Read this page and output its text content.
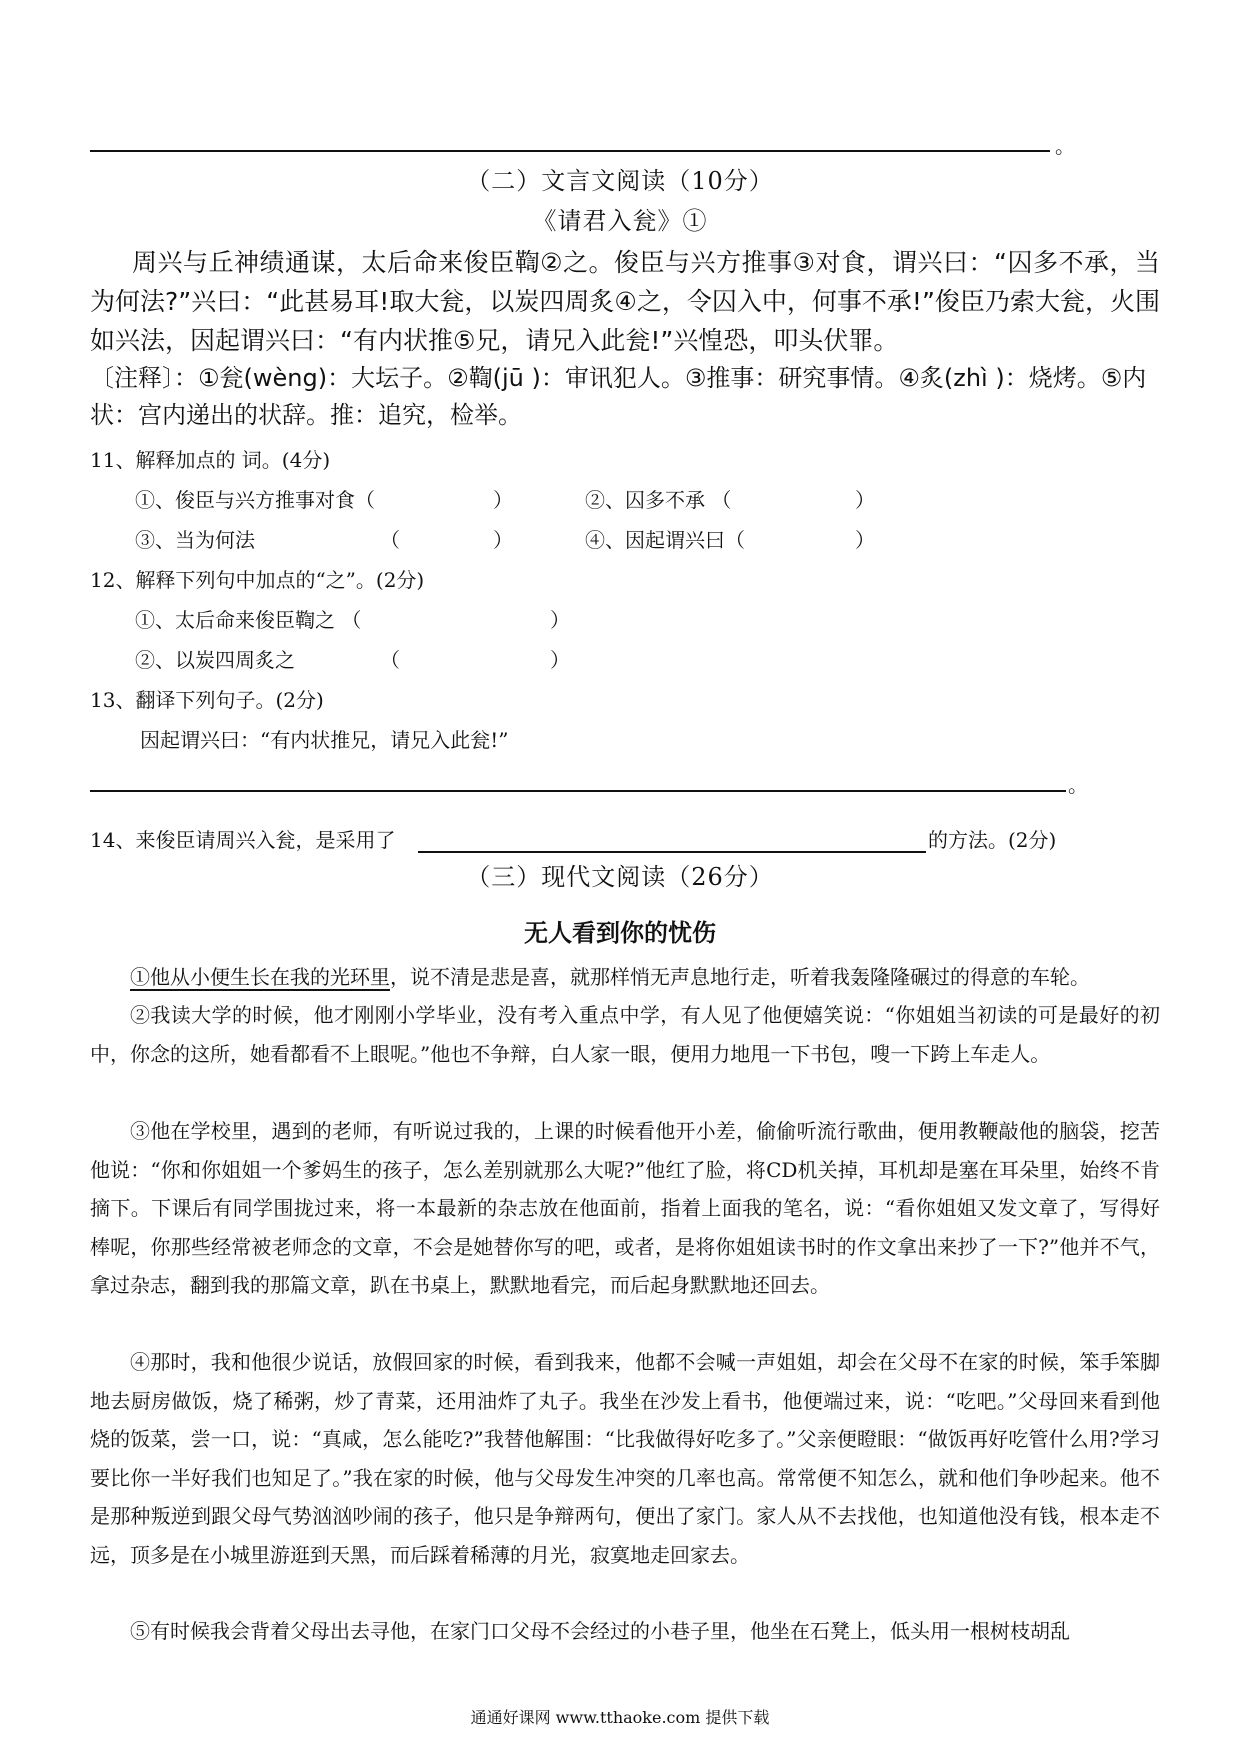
。
（二）文言文阅读（10分）
《请君入瓮》①
周兴与丘神绩通谋，太后命来俊臣鞫②之。俊臣与兴方推事③对食，谓兴曰：“囚多不承，当为何法?”兴曰：“此甚易耳!取大瓮，以炭四周炙④之，令囚入中，何事不承!”俊臣乃索大瓮，火围如兴法，因起谓兴曰：“有内状推⑤兄，请兄入此瓮!”兴惶恐，叩头伏罪。
〔注释〕：①瓮(wèng)：大坛子。②鞫(jū )：审讯犯人。③推事：研究事情。④炙(zhì )：烧烤。⑤内状：宫内递出的状辞。推：追究，检举。
11、解释加点的 词。(4分)
①、俊臣与兴方推事对食（	）	②、囚多不承 （	）
③、当为何法	（	）	④、因起谓兴曰（	）
12、解释下列句中加点的“之”。(2分)
①、太后命来俊臣鞫之 （	）
②、以炭四周炙之	（	）
13、翻译下列句子。(2分)
因起谓兴曰：“有内状推兄，请兄入此瓮!”
。
14、来俊臣请周兴入瓮，是采用了	的方法。(2分)
（三）现代文阅读（26分）
无人看到你的忧伤
①他从小便生长在我的光环里，说不清是悲是喜，就那样悄无声息地行走，听着我轰隆隆碾过的得意的车轮。
②我读大学的时候，他才刚刚小学毕业，没有考入重点中学，有人见了他便嬉笑说：“你姐姐当初读的可是最好的初中，你念的这所，她看都看不上眼呢。”他也不争辩，白人家一眼，便用力地甩一下书包，嗖一下跨上车走人。
③他在学校里，遇到的老师，有听说过我的，上课的时候看他开小差，偷偷听流行歌曲，便用教鞭敲他的脑袋，挖苦他说：“你和你姐姐一个爹妈生的孩子，怎么差别就那么大呢?”他红了脸，将CD机关掉，耳机却是塞在耳朵里，始终不肯摘下。下课后有同学围拢过来，将一本最新的杂志放在他面前，指着上面我的笔名，说：“看你姐姐又发文章了，写得好棒呢，你那些经常被老师念的文章，不会是她替你写的吧，或者，是将你姐姐读书时的作文拿出来抄了一下?”他并不气，拿过杂志，翻到我的那篇文章，趴在书桌上，默默地看完，而后起身默默地还回去。
④那时，我和他很少说话，放假回家的时候，看到我来，他都不会喊一声姐姐，却会在父母不在家的时候，笨手笨脚地去厨房做饭，烧了稀粥，炒了青菜，还用油炸了丸子。我坐在沙发上看书，他便端过来，说：“吃吧。”父母回来看到他烧的饭菜，尝一口，说：“真咸，怎么能吃?”我替他解围：“比我做得好吃多了。”父亲便瞪眼：“做饭再好吃管什么用?学习要比你一半好我们也知足了。”我在家的时候，他与父母发生冲突的几率也高。常常便不知怎么，就和他们争吵起来。他不是那种叛逆到跟父母气势汹汹吵闹的孩子，他只是争辩两句，便出了家门。家人从不去找他，也知道他没有钱，根本走不远，顶多是在小城里游逛到天黑，而后踩着稀薄的月光，寂寞地走回家去。
⑤有时候我会背着父母出去寻他，在家门口父母不会经过的小巷子里，他坐在石凳上，低头用一根树枝胡乱
通通好课网 www.tthaoke.com 提供下载
